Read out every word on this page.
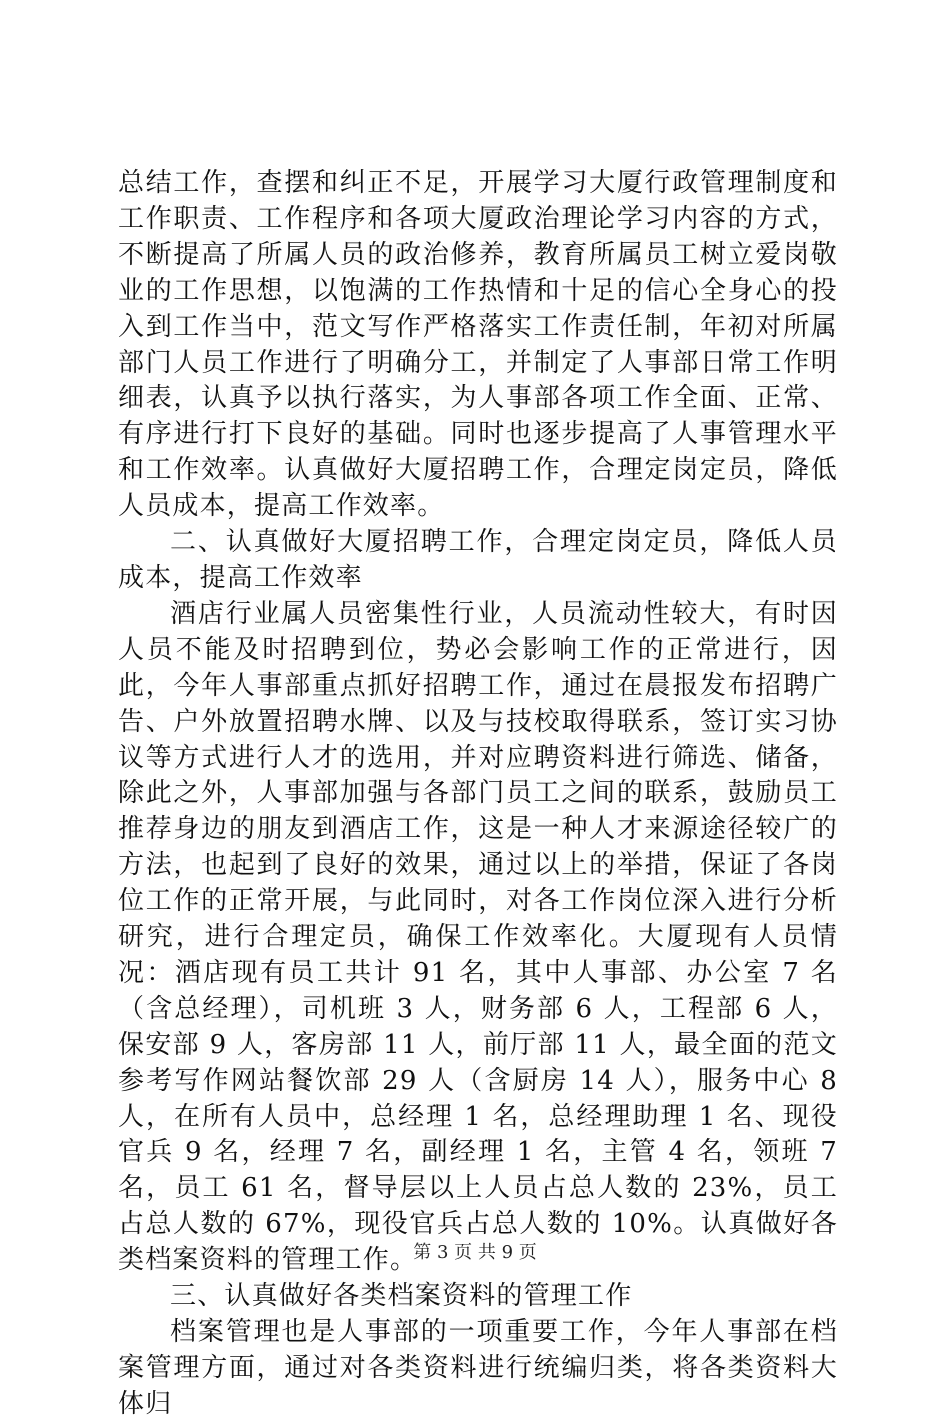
总结工作，查摆和纠正不足，开展学习大厦行政管理制度和工作职责、工作程序和各项大厦政治理论学习内容的方式，不断提高了所属人员的政治修养，教育所属员工树立爱岗敬业的工作思想，以饱满的工作热情和十足的信心全身心的投入到工作当中，范文写作严格落实工作责任制，年初对所属部门人员工作进行了明确分工，并制定了人事部日常工作明细表，认真予以执行落实，为人事部各项工作全面、正常、有序进行打下良好的基础。同时也逐步提高了人事管理水平和工作效率。认真做好大厦招聘工作，合理定岗定员，降低人员成本，提高工作效率。

二、认真做好大厦招聘工作，合理定岗定员，降低人员成本，提高工作效率

酒店行业属人员密集性行业，人员流动性较大，有时因人员不能及时招聘到位，势必会影响工作的正常进行，因此，今年人事部重点抓好招聘工作，通过在晨报发布招聘广告、户外放置招聘水牌、以及与技校取得联系，签订实习协议等方式进行人才的选用，并对应聘资料进行筛选、储备，除此之外，人事部加强与各部门员工之间的联系，鼓励员工推荐身边的朋友到酒店工作，这是一种人才来源途径较广的方法，也起到了良好的效果，通过以上的举措，保证了各岗位工作的正常开展，与此同时，对各工作岗位深入进行分析研究，进行合理定员，确保工作效率化。大厦现有人员情况：酒店现有员工共计 91 名，其中人事部、办公室 7 名（含总经理），司机班 3 人，财务部 6 人，工程部 6 人，保安部 9 人，客房部 11 人，前厅部 11 人，最全面的范文参考写作网站餐饮部 29 人（含厨房 14 人），服务中心 8 人，在所有人员中，总经理 1 名，总经理助理 1 名、现役官兵 9 名，经理 7 名，副经理 1 名，主管 4 名，领班 7 名，员工 61 名，督导层以上人员占总人数的 23%，员工占总人数的 67%，现役官兵占总人数的 10%。认真做好各类档案资料的管理工作。

三、认真做好各类档案资料的管理工作

档案管理也是人事部的一项重要工作，今年人事部在档案管理方面，通过对各类资料进行统编归类，将各类资料大体归

第 3 页 共 9 页
